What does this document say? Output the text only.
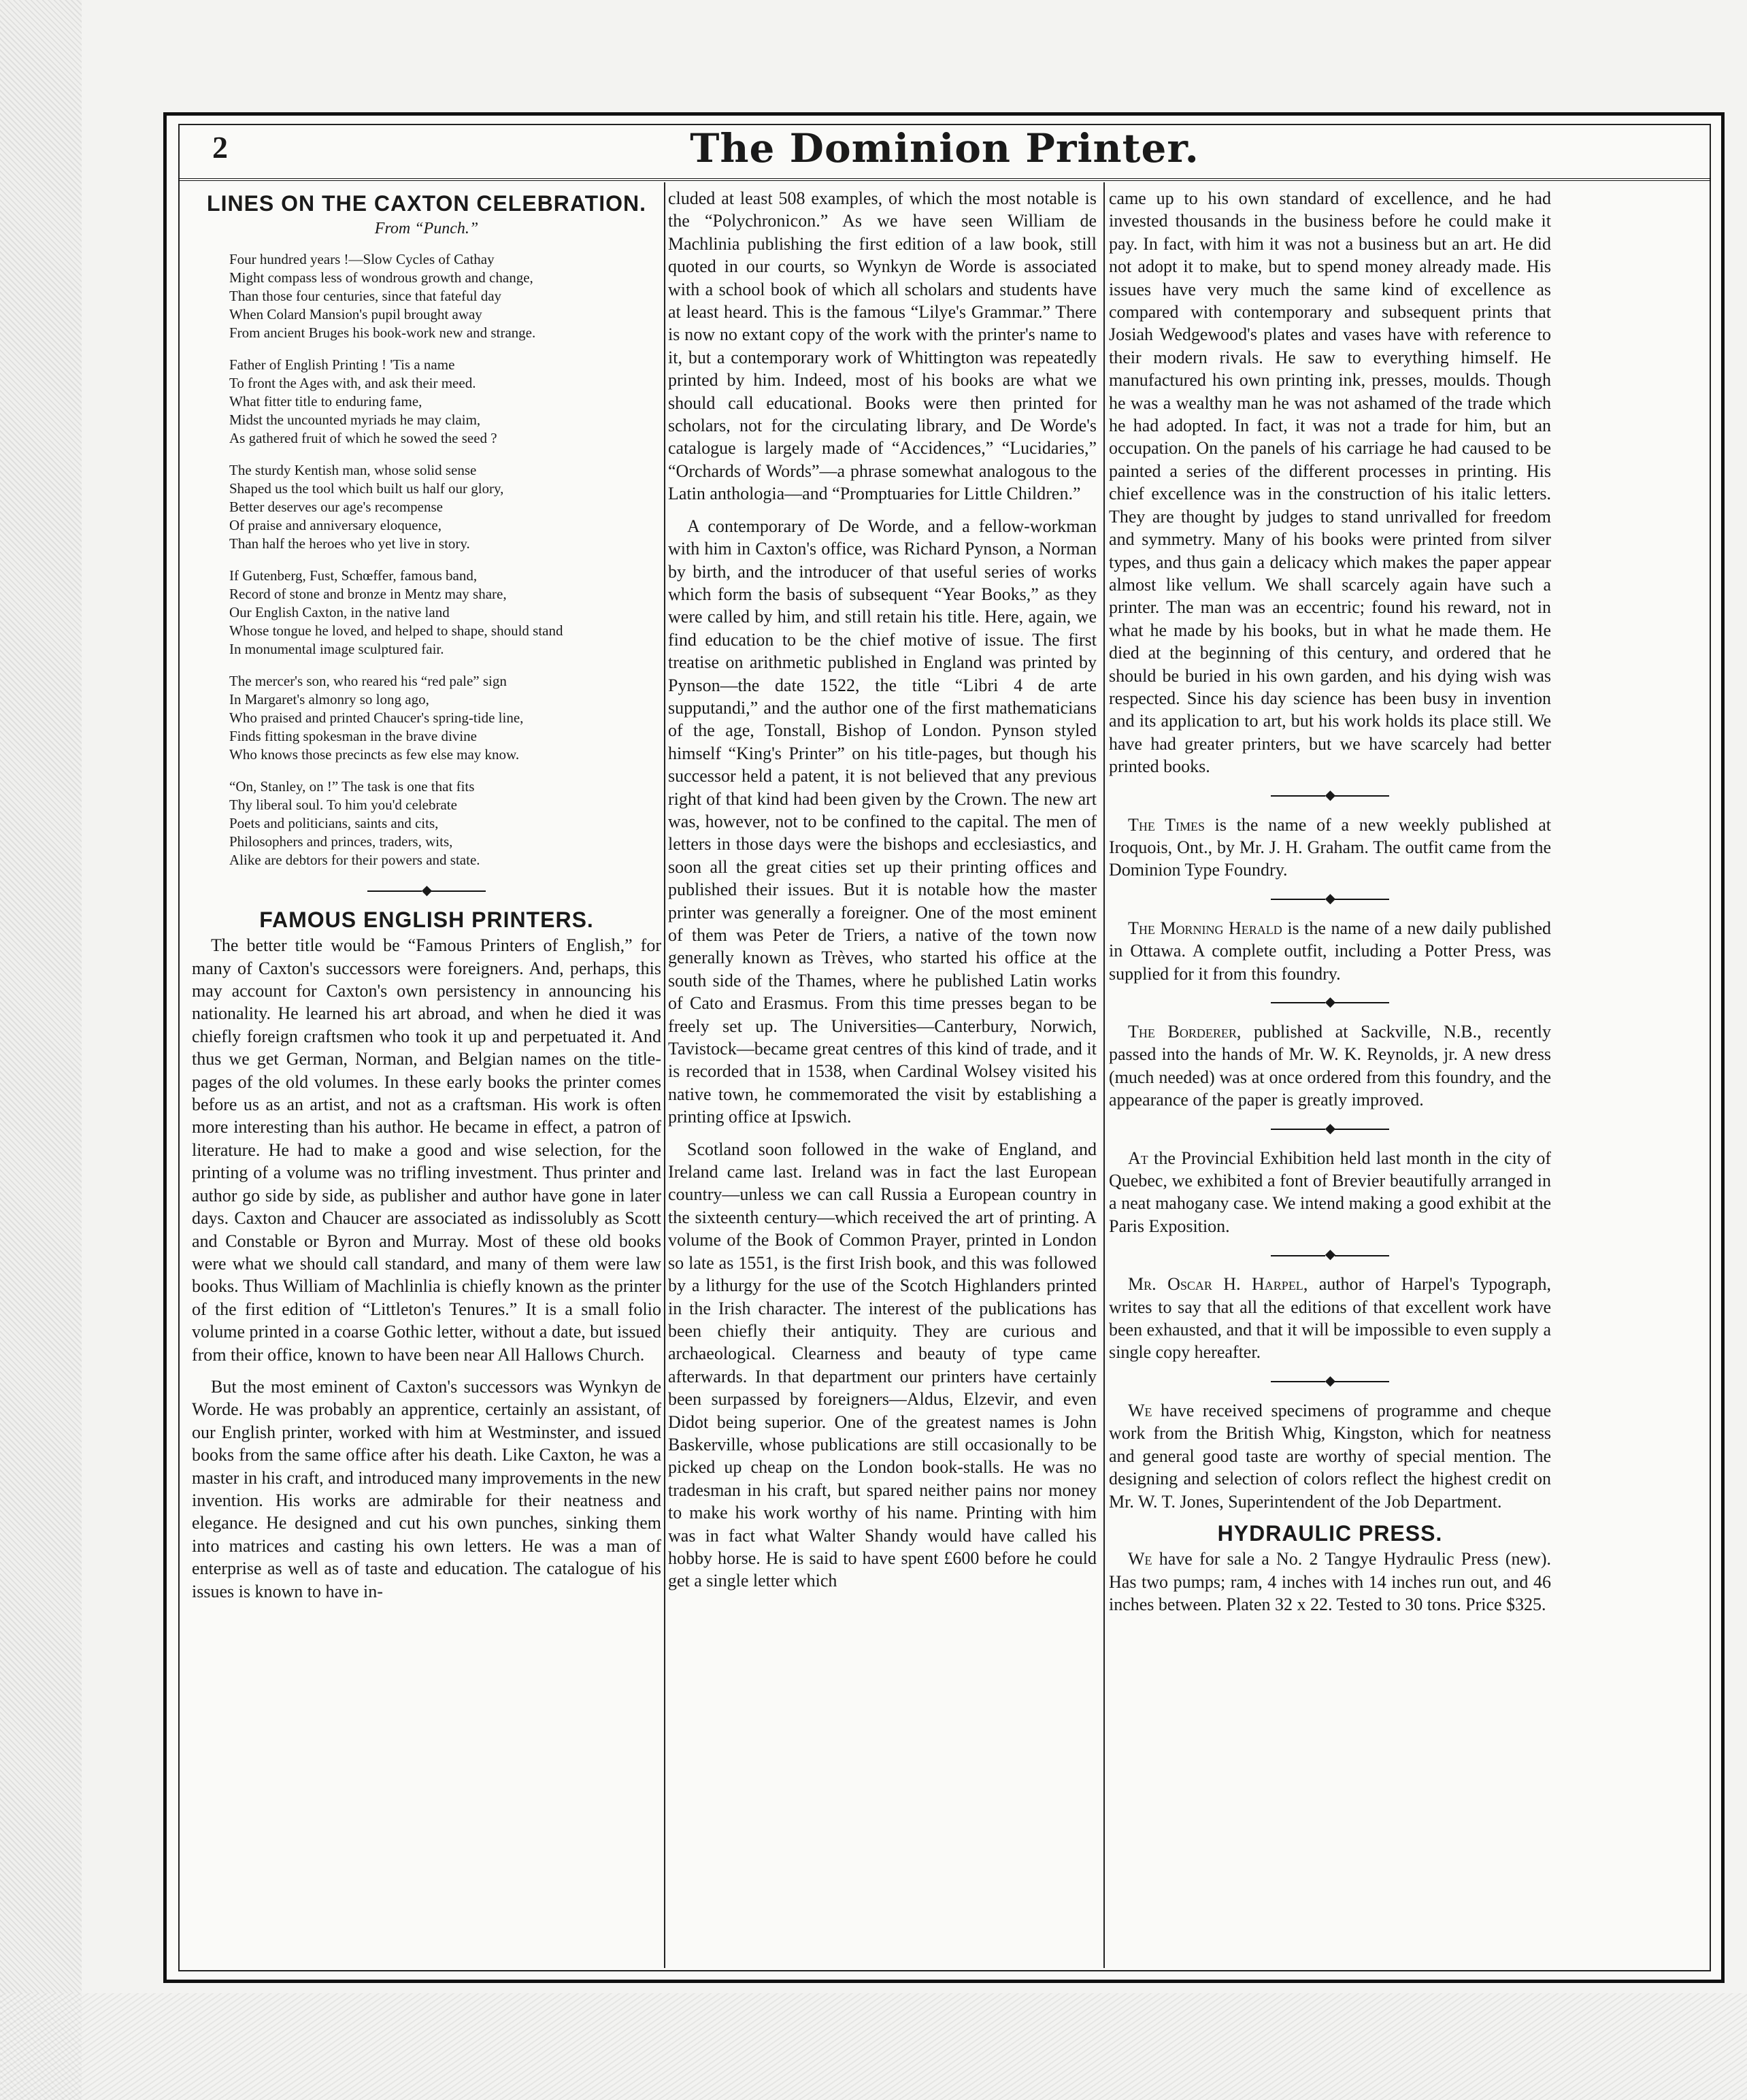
2	The Dominion Printer.
LINES ON THE CAXTON CELEBRATION.
From “Punch.”
Four hundred years !—Slow Cycles of Cathay
Might compass less of wondrous growth and change,
Than those four centuries, since that fateful day
When Colard Mansion's pupil brought away
From ancient Bruges his book-work new and strange.
Father of English Printing ! 'Tis a name
To front the Ages with, and ask their meed.
What fitter title to enduring fame,
Midst the uncounted myriads he may claim,
As gathered fruit of which he sowed the seed ?
The sturdy Kentish man, whose solid sense
Shaped us the tool which built us half our glory,
Better deserves our age's recompense
Of praise and anniversary eloquence,
Than half the heroes who yet live in story.
If Gutenberg, Fust, Schœffer, famous band,
Record of stone and bronze in Mentz may share,
Our English Caxton, in the native land
Whose tongue he loved, and helped to shape, should stand
In monumental image sculptured fair.
The mercer's son, who reared his “red pale” sign
In Margaret's almonry so long ago,
Who praised and printed Chaucer's spring-tide line,
Finds fitting spokesman in the brave divine
Who knows those precincts as few else may know.
“On, Stanley, on !” The task is one that fits
Thy liberal soul. To him you'd celebrate
Poets and politicians, saints and cits,
Philosophers and princes, traders, wits,
Alike are debtors for their powers and state.
◆
FAMOUS ENGLISH PRINTERS.

The better title would be “Famous Printers of English,” for many of Caxton's successors were foreigners. And, perhaps, this may account for Caxton's own persistency in announcing his nationality. He learned his art abroad, and when he died it was chiefly foreign craftsmen who took it up and perpetuated it. And thus we get German, Norman, and Belgian names on the title-pages of the old volumes. In these early books the printer comes before us as an artist, and not as a craftsman. His work is often more interesting than his author. He became in effect, a patron of literature. He had to make a good and wise selection, for the printing of a volume was no trifling investment. Thus printer and author go side by side, as publisher and author have gone in later days. Caxton and Chaucer are associated as indissolubly as Scott and Constable or Byron and Murray. Most of these old books were what we should call standard, and many of them were law books. Thus William of Machlinlia is chiefly known as the printer of the first edition of “Littleton's Tenures.” It is a small folio volume printed in a coarse Gothic letter, without a date, but issued from their office, known to have been near All Hallows Church.

But the most eminent of Caxton's successors was Wynkyn de Worde. He was probably an apprentice, certainly an assistant, of our English printer, worked with him at Westminster, and issued books from the same office after his death. Like Caxton, he was a master in his craft, and introduced many improvements in the new invention. His works are admirable for their neatness and elegance. He designed and cut his own punches, sinking them into matrices and casting his own letters. He was a man of enterprise as well as of taste and education. The catalogue of his issues is known to have in-

cluded at least 508 examples, of which the most notable is the “Polychronicon.” As we have seen William de Machlinia publishing the first edition of a law book, still quoted in our courts, so Wynkyn de Worde is associated with a school book of which all scholars and students have at least heard. This is the famous “Lilye's Grammar.” There is now no extant copy of the work with the printer's name to it, but a contemporary work of Whittington was repeatedly printed by him. Indeed, most of his books are what we should call educational. Books were then printed for scholars, not for the circulating library, and De Worde's catalogue is largely made of “Accidences,” “Lucidaries,” “Orchards of Words”—a phrase somewhat analogous to the Latin anthologia—and “Promptuaries for Little Children.”

A contemporary of De Worde, and a fellow-workman with him in Caxton's office, was Richard Pynson, a Norman by birth, and the introducer of that useful series of works which form the basis of subsequent “Year Books,” as they were called by him, and still retain his title. Here, again, we find education to be the chief motive of issue. The first treatise on arithmetic published in England was printed by Pynson—the date 1522, the title “Libri 4 de arte supputandi,” and the author one of the first mathematicians of the age, Tonstall, Bishop of London. Pynson styled himself “King's Printer” on his title-pages, but though his successor held a patent, it is not believed that any previous right of that kind had been given by the Crown. The new art was, however, not to be confined to the capital. The men of letters in those days were the bishops and ecclesiastics, and soon all the great cities set up their printing offices and published their issues. But it is notable how the master printer was generally a foreigner. One of the most eminent of them was Peter de Triers, a native of the town now generally known as Trèves, who started his office at the south side of the Thames, where he published Latin works of Cato and Erasmus. From this time presses began to be freely set up. The Universities—Canterbury, Norwich, Tavistock—became great centres of this kind of trade, and it is recorded that in 1538, when Cardinal Wolsey visited his native town, he commemorated the visit by establishing a printing office at Ipswich.

Scotland soon followed in the wake of England, and Ireland came last. Ireland was in fact the last European country—unless we can call Russia a European country in the sixteenth century—which received the art of printing. A volume of the Book of Common Prayer, printed in London so late as 1551, is the first Irish book, and this was followed by a lithurgy for the use of the Scotch Highlanders printed in the Irish character. The interest of the publications has been chiefly their antiquity. They are curious and archaeological. Clearness and beauty of type came afterwards. In that department our printers have certainly been surpassed by foreigners—Aldus, Elzevir, and even Didot being superior. One of the greatest names is John Baskerville, whose publications are still occasionally to be picked up cheap on the London book-stalls. He was no tradesman in his craft, but spared neither pains nor money to make his work worthy of his name. Printing with him was in fact what Walter Shandy would have called his hobby horse. He is said to have spent £600 before he could get a single letter which

came up to his own standard of excellence, and he had invested thousands in the business before he could make it pay. In fact, with him it was not a business but an art. He did not adopt it to make, but to spend money already made. His issues have very much the same kind of excellence as compared with contemporary and subsequent prints that Josiah Wedgewood's plates and vases have with reference to their modern rivals. He saw to everything himself. He manufactured his own printing ink, presses, moulds. Though he was a wealthy man he was not ashamed of the trade which he had adopted. In fact, it was not a trade for him, but an occupation. On the panels of his carriage he had caused to be painted a series of the different processes in printing. His chief excellence was in the construction of his italic letters. They are thought by judges to stand unrivalled for freedom and symmetry. Many of his books were printed from silver types, and thus gain a delicacy which makes the paper appear almost like vellum. We shall scarcely again have such a printer. The man was an eccentric; found his reward, not in what he made by his books, but in what he made them. He died at the beginning of this century, and ordered that he should be buried in his own garden, and his dying wish was respected. Since his day science has been busy in invention and its application to art, but his work holds its place still. We have had greater printers, but we have scarcely had better printed books.

◆

The Times is the name of a new weekly published at Iroquois, Ont., by Mr. J. H. Graham. The outfit came from the Dominion Type Foundry.

◆

The Morning Herald is the name of a new daily published in Ottawa. A complete outfit, including a Potter Press, was supplied for it from this foundry.

◆

The Borderer, published at Sackville, N.B., recently passed into the hands of Mr. W. K. Reynolds, jr. A new dress (much needed) was at once ordered from this foundry, and the appearance of the paper is greatly improved.

◆

At the Provincial Exhibition held last month in the city of Quebec, we exhibited a font of Brevier beautifully arranged in a neat mahogany case. We intend making a good exhibit at the Paris Exposition.

◆

Mr. Oscar H. Harpel, author of Harpel's Typograph, writes to say that all the editions of that excellent work have been exhausted, and that it will be impossible to even supply a single copy hereafter.

◆

We have received specimens of programme and cheque work from the British Whig, Kingston, which for neatness and general good taste are worthy of special mention. The designing and selection of colors reflect the highest credit on Mr. W. T. Jones, Superintendent of the Job Department.

HYDRAULIC PRESS.

We have for sale a No. 2 Tangye Hydraulic Press (new). Has two pumps; ram, 4 inches with 14 inches run out, and 46 inches between. Platen 32 x 22. Tested to 30 tons. Price $325.
